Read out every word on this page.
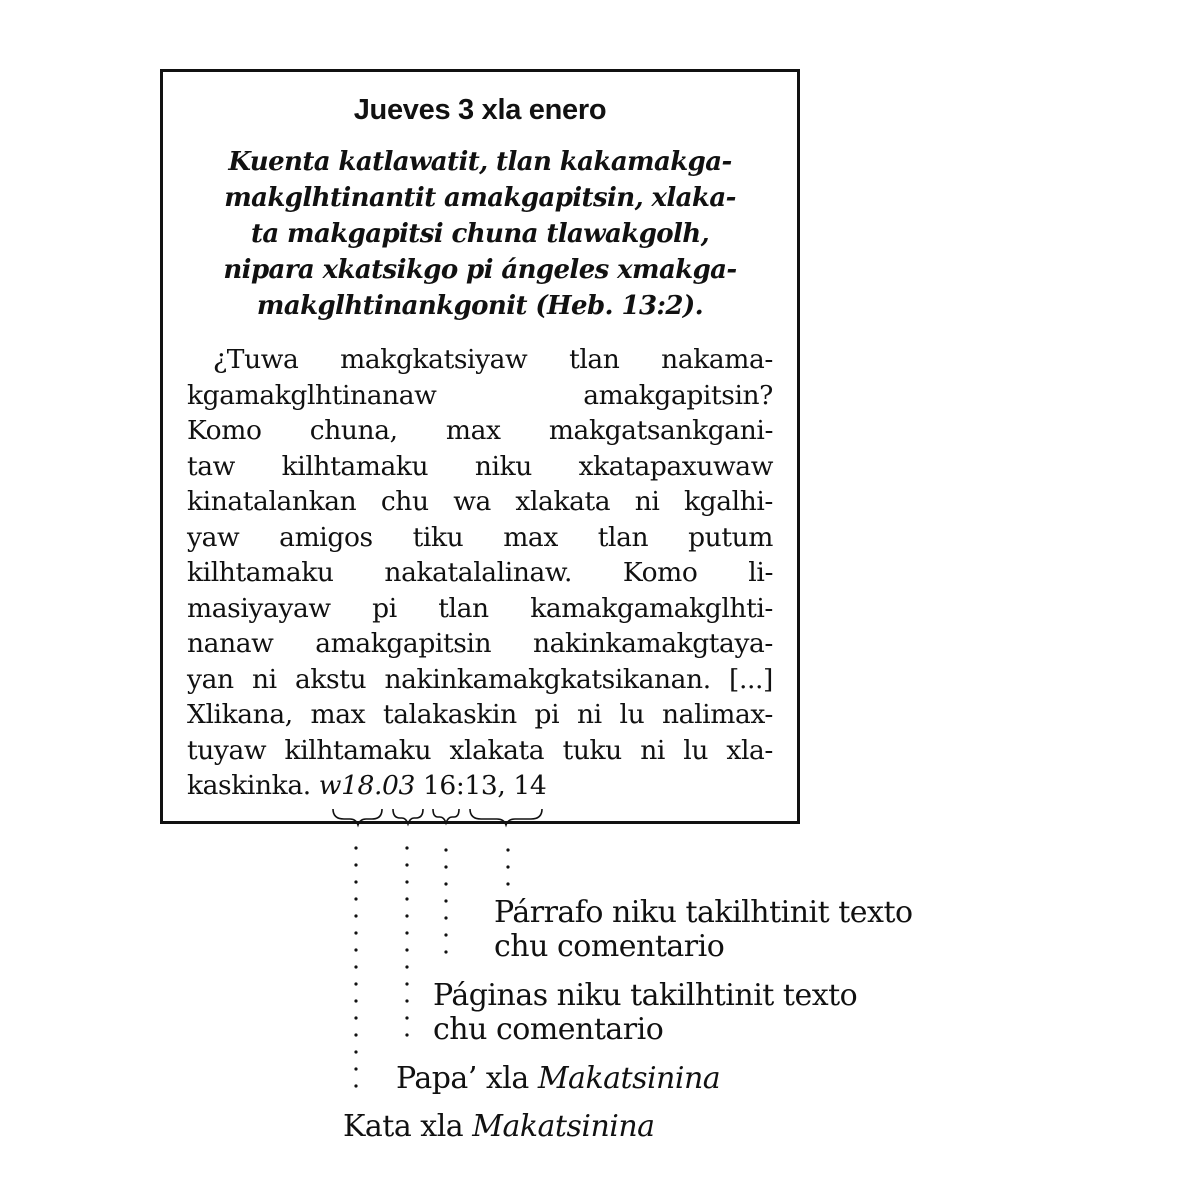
Jueves 3 xla enero
Kuenta katlawatit, tlan kakamakga-
makglhtinantit amakgapitsin, xlaka-
ta makgapitsi chuna tlawakgolh,
nipara xkatsikgo pi ángeles xmakga-
makglhtinankgonit (Heb. 13:2).
¿Tuwa makgkatsiyaw tlan nakama-
kgamakglhtinanaw amakgapitsin?
Komo chuna, max makgatsankgani-
taw kilhtamaku niku xkatapaxuwaw
kinatalankan chu wa xlakata ni kgalhi-
yaw amigos tiku max tlan putum
kilhtamaku nakatalalinaw. Komo li-
masiyayaw pi tlan kamakgamakglhti-
nanaw amakgapitsin nakinkamakgtaya-
yan ni akstu nakinkamakgkatsikanan. [...]
Xlikana, max talakaskin pi ni lu nalimax-
tuyaw kilhtamaku xlakata tuku ni lu xla-
kaskinka. w18.03 16:13, 14
Párrafo niku takilhtinit texto
chu comentario
Páginas niku takilhtinit texto
chu comentario
Papa’ xla Makatsinina
Kata xla Makatsinina
